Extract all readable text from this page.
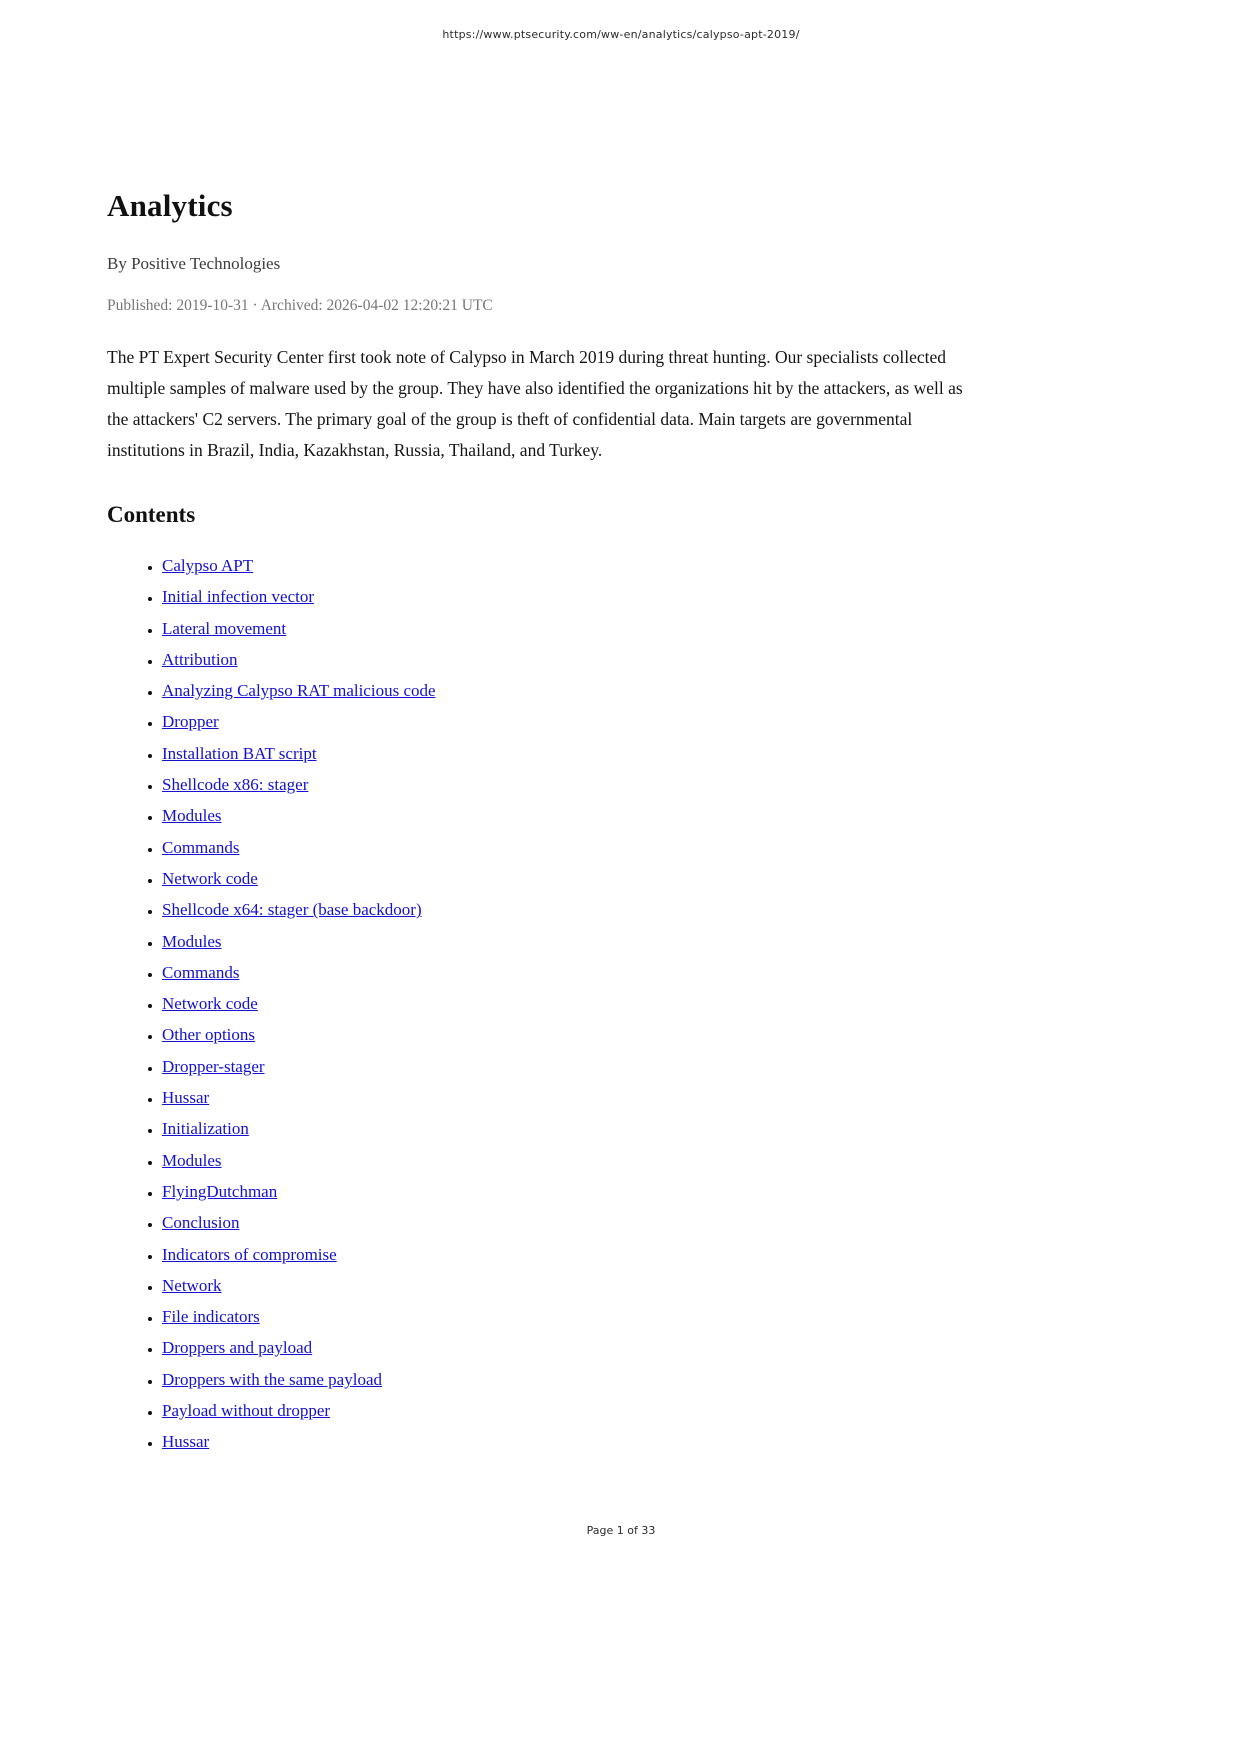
https://www.ptsecurity.com/ww-en/analytics/calypso-apt-2019/
Analytics
By Positive Technologies
Published: 2019-10-31 · Archived: 2026-04-02 12:20:21 UTC

The PT Expert Security Center first took note of Calypso in March 2019 during threat hunting. Our specialists collected multiple samples of malware used by the group. They have also identified the organizations hit by the attackers, as well as the attackers' C2 servers. The primary goal of the group is theft of confidential data. Main targets are governmental institutions in Brazil, India, Kazakhstan, Russia, Thailand, and Turkey.

Contents
• Calypso APT
• Initial infection vector
• Lateral movement
• Attribution
• Analyzing Calypso RAT malicious code
• Dropper
• Installation BAT script
• Shellcode x86: stager
• Modules
• Commands
• Network code
• Shellcode x64: stager (base backdoor)
• Modules
• Commands
• Network code
• Other options
• Dropper-stager
• Hussar
• Initialization
• Modules
• FlyingDutchman
• Conclusion
• Indicators of compromise
• Network
• File indicators
• Droppers and payload
• Droppers with the same payload
• Payload without dropper
• Hussar
Page 1 of 33
